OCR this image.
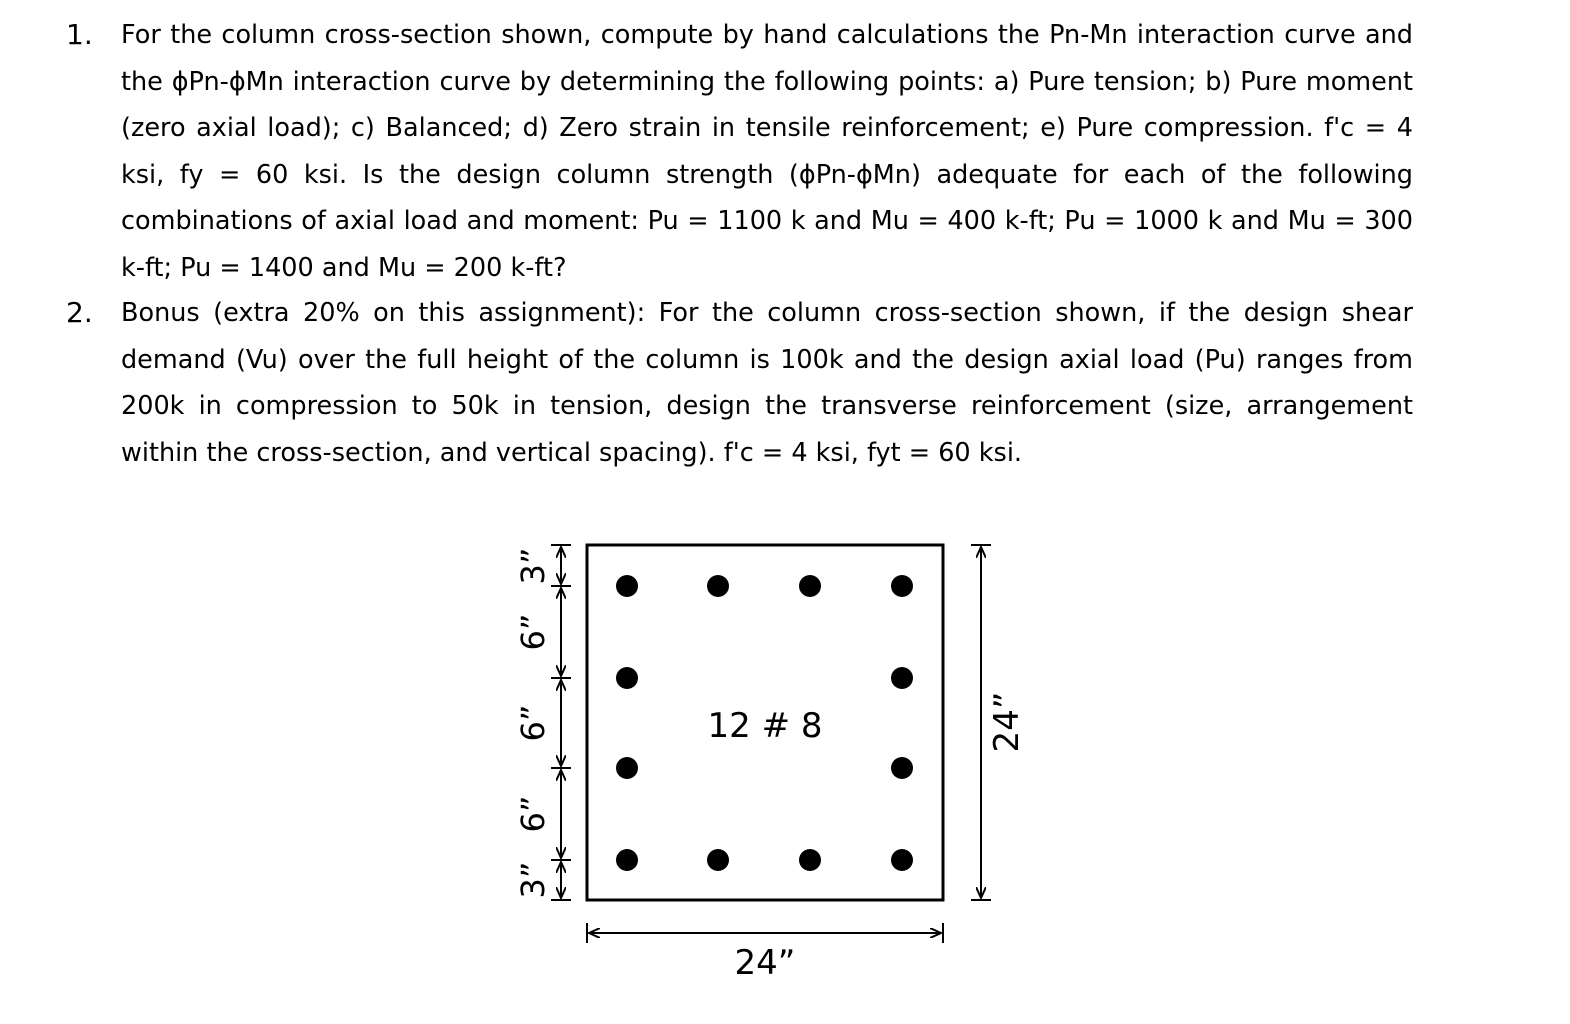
1. For the column cross-section shown, compute by hand calculations the Pn-Mn interaction curve and the ϕPn-ϕMn interaction curve by determining the following points: a) Pure tension; b) Pure moment (zero axial load); c) Balanced; d) Zero strain in tensile reinforcement; e) Pure compression. f'c = 4 ksi, fy = 60 ksi. Is the design column strength (ϕPn-ϕMn) adequate for each of the following combinations of axial load and moment: Pu = 1100 k and Mu = 400 k-ft; Pu = 1000 k and Mu = 300 k-ft; Pu = 1400 and Mu = 200 k-ft?

2. Bonus (extra 20% on this assignment): For the column cross-section shown, if the design shear demand (Vu) over the full height of the column is 100k and the design axial load (Pu) ranges from 200k in compression to 50k in tension, design the transverse reinforcement (size, arrangement within the cross-section, and vertical spacing). f'c = 4 ksi, fyt = 60 ksi.

12 # 8
24”
24”
3”
6”
6”
6”
3”
